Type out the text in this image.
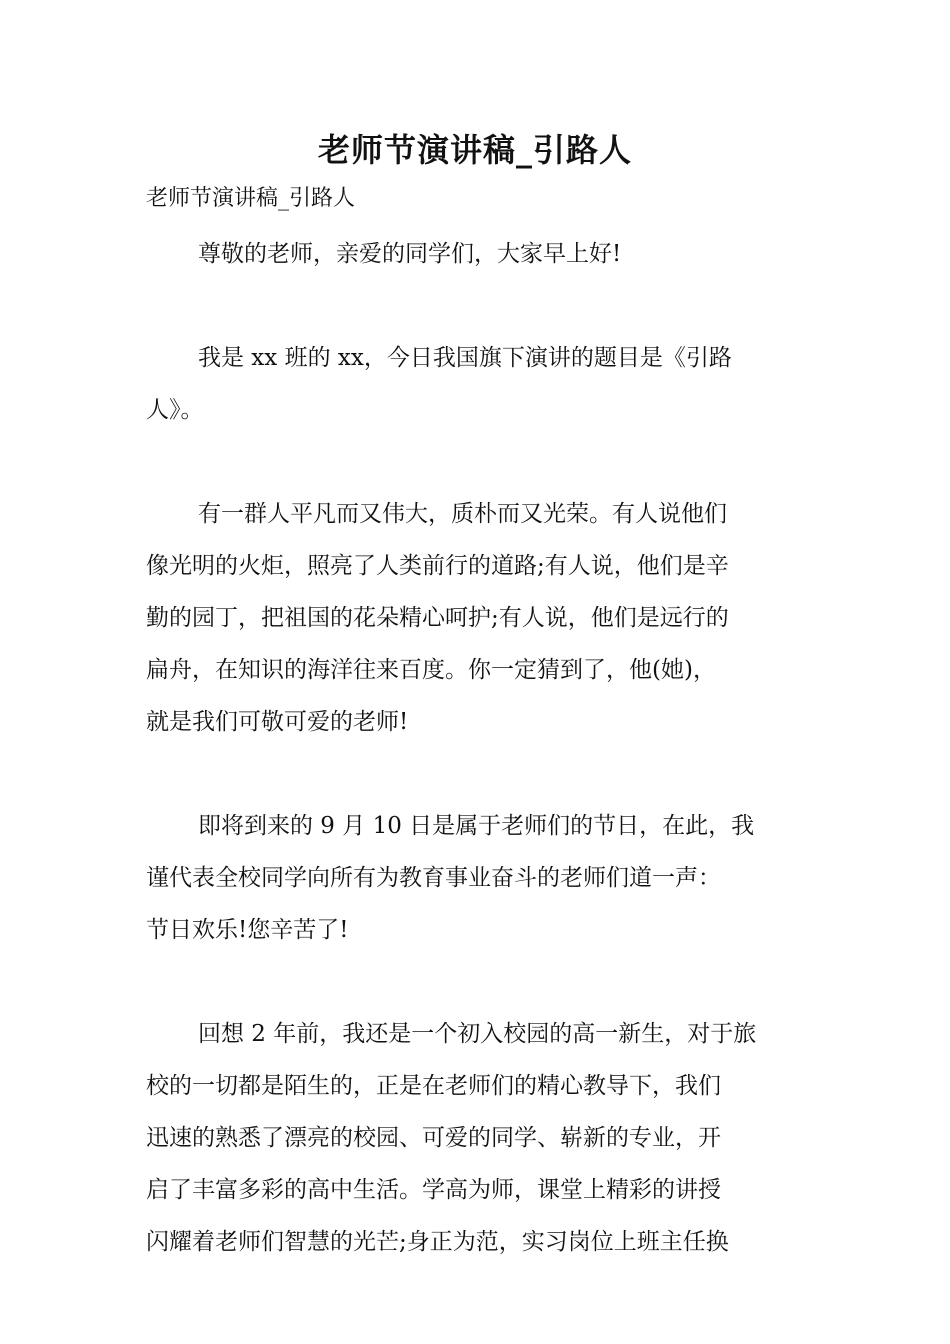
老师节演讲稿_引路人
老师节演讲稿_引路人
尊敬的老师，亲爱的同学们，大家早上好!
我是 xx 班的 xx，今日我国旗下演讲的题目是《引路
人》。
有一群人平凡而又伟大，质朴而又光荣。有人说他们
像光明的火炬，照亮了人类前行的道路;有人说，他们是辛
勤的园丁，把祖国的花朵精心呵护;有人说，他们是远行的
扁舟，在知识的海洋往来百度。你一定猜到了，他(她)，
就是我们可敬可爱的老师!
即将到来的 9 月 10 日是属于老师们的节日，在此，我
谨代表全校同学向所有为教育事业奋斗的老师们道一声：
节日欢乐!您辛苦了!
回想 2 年前，我还是一个初入校园的高一新生，对于旅
校的一切都是陌生的，正是在老师们的精心教导下，我们
迅速的熟悉了漂亮的校园、可爱的同学、崭新的专业，开
启了丰富多彩的高中生活。学高为师，课堂上精彩的讲授
闪耀着老师们智慧的光芒;身正为范，实习岗位上班主任换
